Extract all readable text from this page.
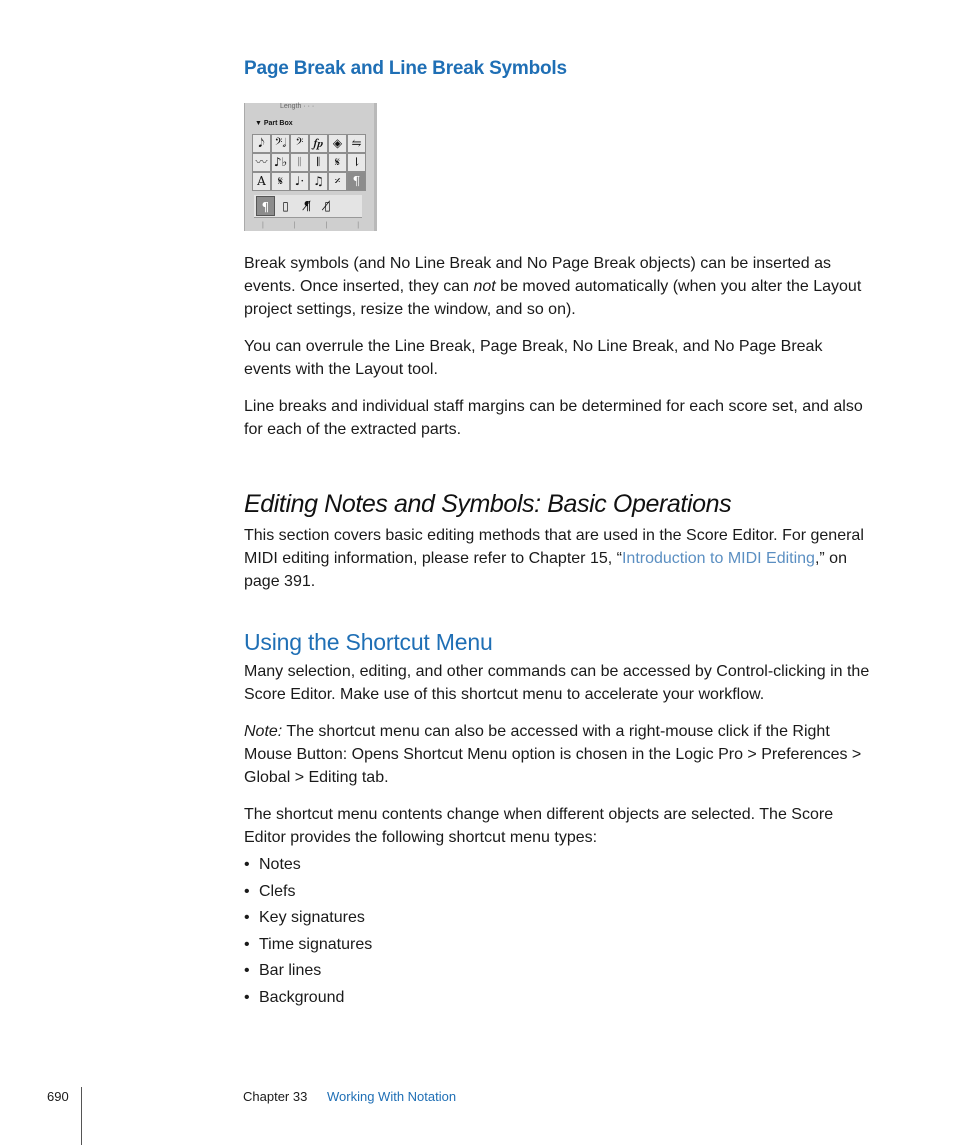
Page Break and Line Break Symbols
Length · · ·
▼ Part Box
𝅘𝅥𝅮 𝄢𝅗𝅥 𝄢 𝆑𝆏 ◈ ⇋
〰 ♪♭ 𝄁	𝄃	𝄋 ⇂
A	𝄋 ♩· ♫ 𝄎	¶
¶	▯	¶̸	▯̸
| | | |

Break symbols (and No Line Break and No Page Break objects) can be inserted as events. Once inserted, they can not be moved automatically (when you alter the Layout project settings, resize the window, and so on).

You can overrule the Line Break, Page Break, No Line Break, and No Page Break events with the Layout tool.

Line breaks and individual staff margins can be determined for each score set, and also for each of the extracted parts.

Editing Notes and Symbols: Basic Operations

This section covers basic editing methods that are used in the Score Editor. For general MIDI editing information, please refer to Chapter 15, “Introduction to MIDI Editing,” on page 391.

Using the Shortcut Menu

Many selection, editing, and other commands can be accessed by Control-clicking in the Score Editor. Make use of this shortcut menu to accelerate your workflow.

Note: The shortcut menu can also be accessed with a right-mouse click if the Right Mouse Button: Opens Shortcut Menu option is chosen in the Logic Pro > Preferences > Global > Editing tab.

The shortcut menu contents change when different objects are selected. The Score Editor provides the following shortcut menu types:

• Notes
• Clefs
• Key signatures
• Time signatures
• Bar lines
• Background
690	Chapter 33 Working With Notation
